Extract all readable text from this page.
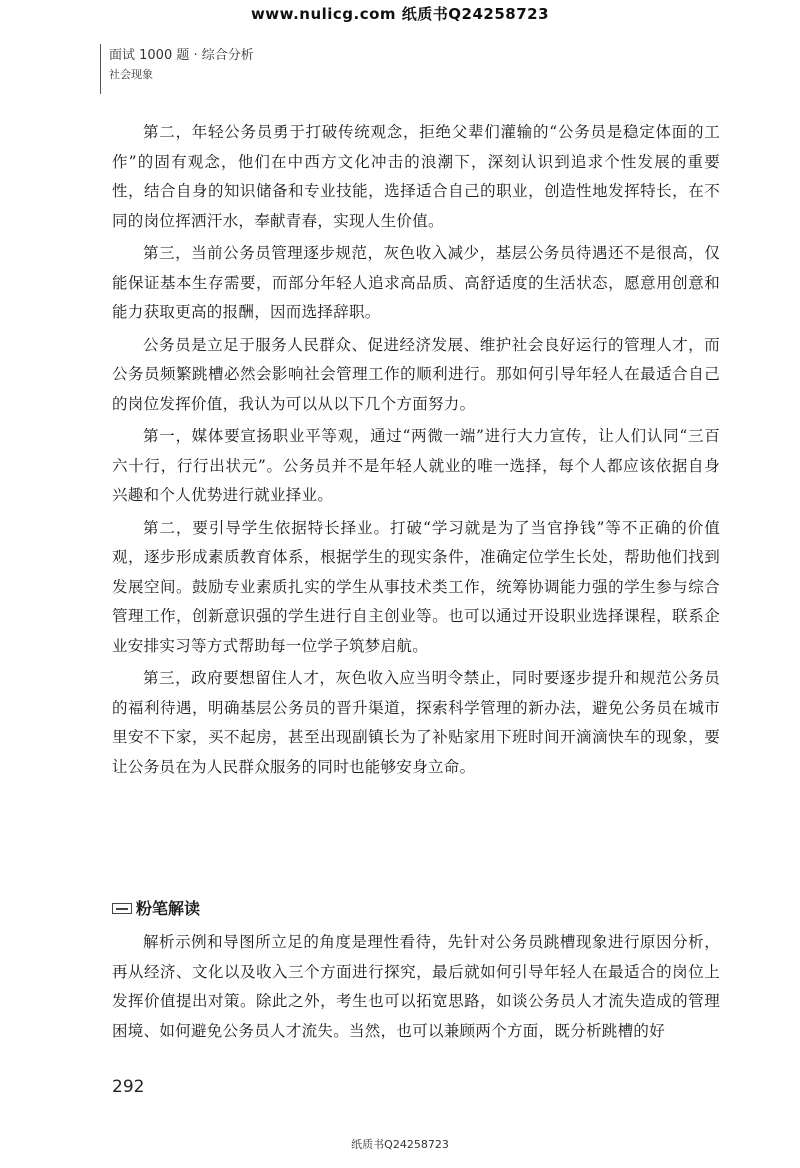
www.nulicg.com 纸质书Q24258723
面试 1000 题 · 综合分析
社会现象

第二，年轻公务员勇于打破传统观念，拒绝父辈们灌输的“公务员是稳定体面的工作”的固有观念，他们在中西方文化冲击的浪潮下，深刻认识到追求个性发展的重要性，结合自身的知识储备和专业技能，选择适合自己的职业，创造性地发挥特长，在不同的岗位挥洒汗水，奉献青春，实现人生价值。

第三，当前公务员管理逐步规范，灰色收入减少，基层公务员待遇还不是很高，仅能保证基本生存需要，而部分年轻人追求高品质、高舒适度的生活状态，愿意用创意和能力获取更高的报酬，因而选择辞职。

公务员是立足于服务人民群众、促进经济发展、维护社会良好运行的管理人才，而公务员频繁跳槽必然会影响社会管理工作的顺利进行。那如何引导年轻人在最适合自己的岗位发挥价值，我认为可以从以下几个方面努力。

第一，媒体要宣扬职业平等观，通过“两微一端”进行大力宣传，让人们认同“三百六十行，行行出状元”。公务员并不是年轻人就业的唯一选择，每个人都应该依据自身兴趣和个人优势进行就业择业。

第二，要引导学生依据特长择业。打破“学习就是为了当官挣钱”等不正确的价值观，逐步形成素质教育体系，根据学生的现实条件，准确定位学生长处，帮助他们找到发展空间。鼓励专业素质扎实的学生从事技术类工作，统筹协调能力强的学生参与综合管理工作，创新意识强的学生进行自主创业等。也可以通过开设职业选择课程，联系企业安排实习等方式帮助每一位学子筑梦启航。

第三，政府要想留住人才，灰色收入应当明令禁止，同时要逐步提升和规范公务员的福利待遇，明确基层公务员的晋升渠道，探索科学管理的新办法，避免公务员在城市里安不下家，买不起房，甚至出现副镇长为了补贴家用下班时间开滴滴快车的现象，要让公务员在为人民群众服务的同时也能够安身立命。

粉笔解读

解析示例和导图所立足的角度是理性看待，先针对公务员跳槽现象进行原因分析，再从经济、文化以及收入三个方面进行探究，最后就如何引导年轻人在最适合的岗位上发挥价值提出对策。除此之外，考生也可以拓宽思路，如谈公务员人才流失造成的管理困境、如何避免公务员人才流失。当然，也可以兼顾两个方面，既分析跳槽的好

292
纸质书Q24258723
